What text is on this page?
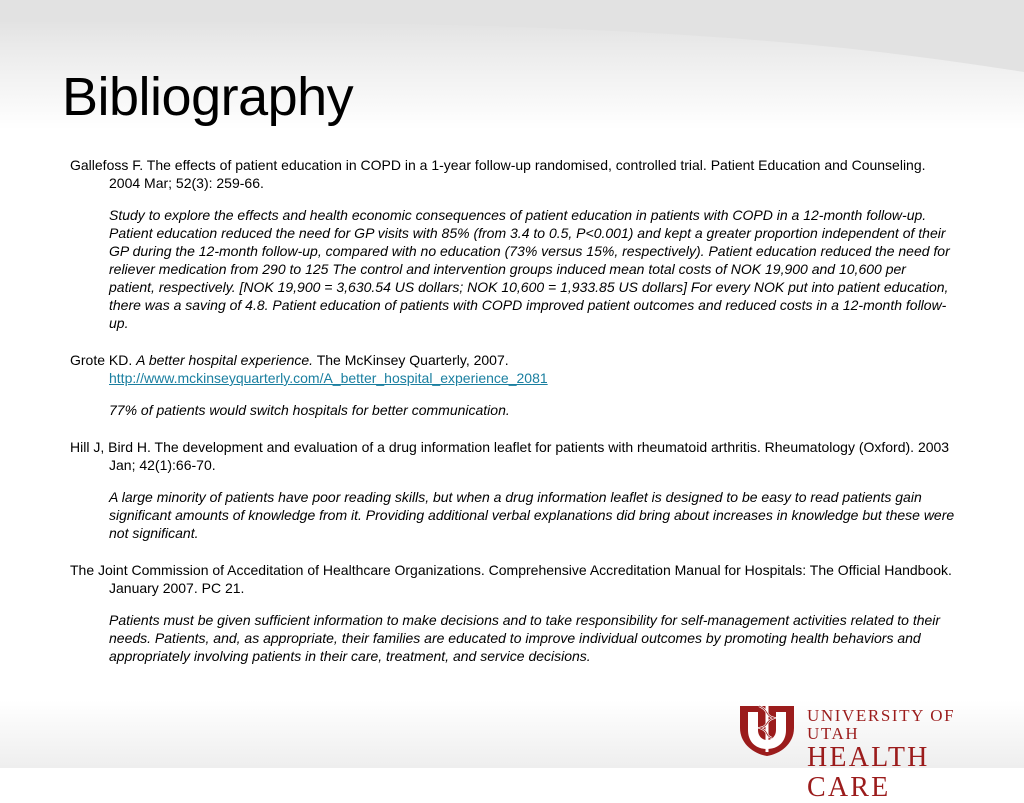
Bibliography

Gallefoss F. The effects of patient education in COPD in a 1-year follow-up randomised, controlled trial. Patient Education and Counseling. 2004 Mar; 52(3): 259-66.

Study to explore the effects and health economic consequences of patient education in patients with COPD in a 12-month follow-up. Patient education reduced the need for GP visits with 85% (from 3.4 to 0.5, P<0.001) and kept a greater proportion independent of their GP during the 12-month follow-up, compared with no education (73% versus 15%, respectively). Patient education reduced the need for reliever medication from 290 to 125 The control and intervention groups induced mean total costs of NOK 19,900 and 10,600 per patient, respectively. [NOK 19,900 = 3,630.54 US dollars; NOK 10,600 = 1,933.85 US dollars] For every NOK put into patient education, there was a saving of 4.8. Patient education of patients with COPD improved patient outcomes and reduced costs in a 12-month follow-up.

Grote KD. A better hospital experience. The McKinsey Quarterly, 2007.
http://www.mckinseyquarterly.com/A_better_hospital_experience_2081

77% of patients would switch hospitals for better communication.

Hill J, Bird H. The development and evaluation of a drug information leaflet for patients with rheumatoid arthritis. Rheumatology (Oxford). 2003 Jan; 42(1):66-70.

A large minority of patients have poor reading skills, but when a drug information leaflet is designed to be easy to read patients gain significant amounts of knowledge from it. Providing additional verbal explanations did bring about increases in knowledge but these were not significant.

The Joint Commission of Acceditation of Healthcare Organizations. Comprehensive Accreditation Manual for Hospitals: The Official Handbook. January 2007. PC 21.

Patients must be given sufficient information to make decisions and to take responsibility for self-management activities related to their needs. Patients, and, as appropriate, their families are educated to improve individual outcomes by promoting health behaviors and appropriately involving patients in their care, treatment, and service decisions.

UNIVERSITY OF UTAH
HEALTH CARE
